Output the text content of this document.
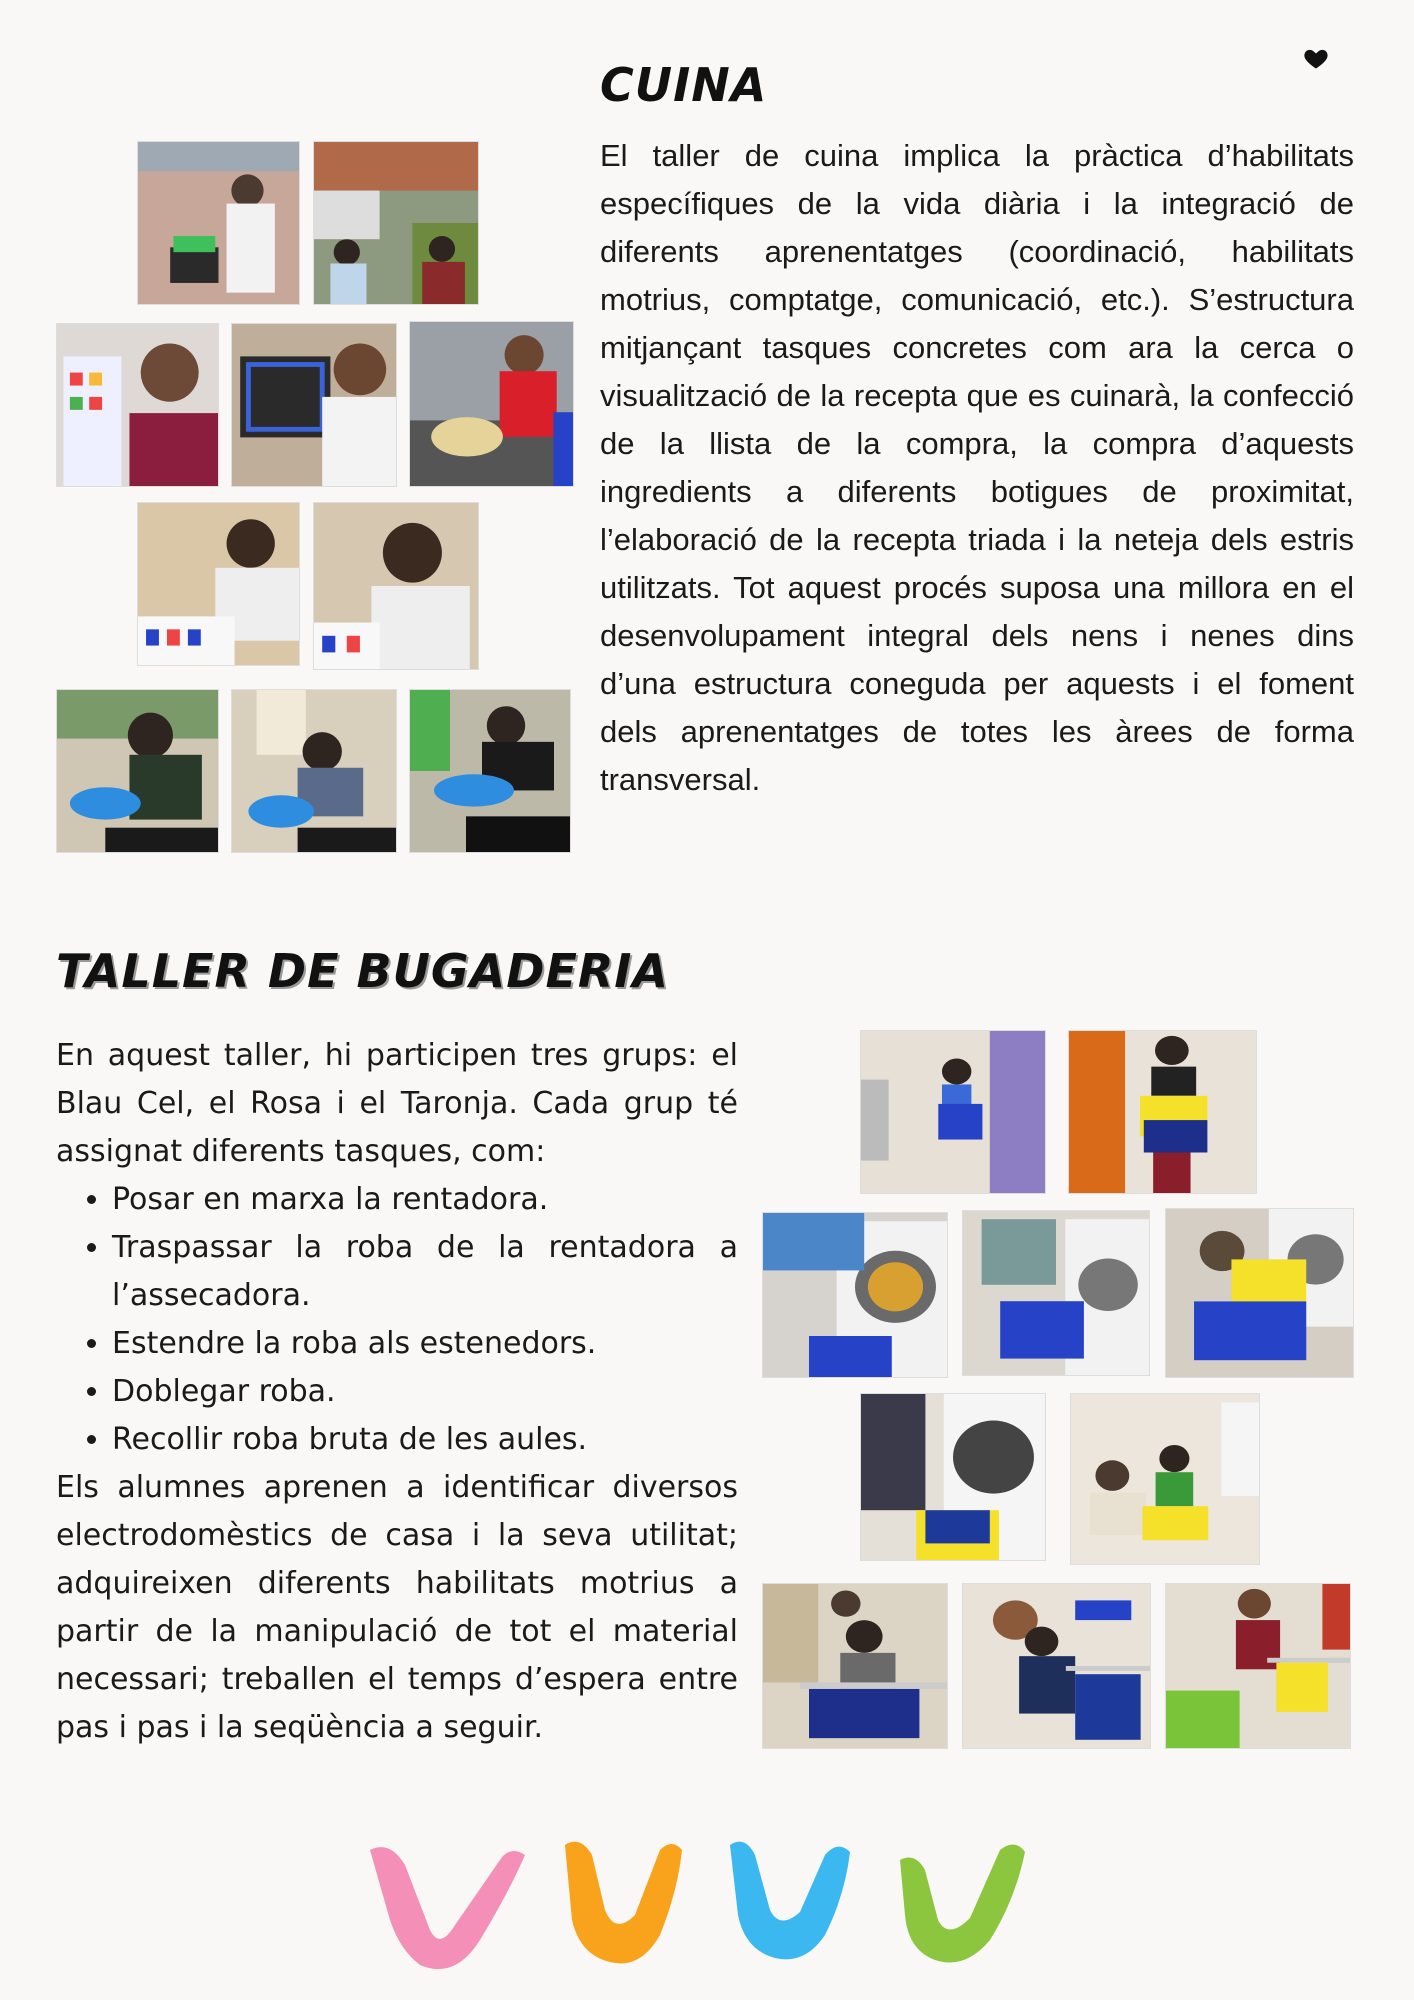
CUINA

El taller de cuina implica la pràctica d’habilitats específiques de la vida diària i la integració de diferents aprenentatges (coordinació, habilitats motrius, comptatge, comunicació, etc.). S’estructura mitjançant tasques concretes com ara la cerca o visualització de la recepta que es cuinarà, la confecció de la llista de la compra, la compra d’aquests ingredients a diferents botigues de proximitat, l’elaboració de la recepta triada i la neteja dels estris utilitzats. Tot aquest procés suposa una millora en el desenvolupament integral dels nens i nenes dins d’una estructura coneguda per aquests i el foment dels aprenentatges de totes les àrees de forma transversal.

TALLER DE BUGADERIA

En aquest taller, hi participen tres grups: el Blau Cel, el Rosa i el Taronja. Cada grup té assignat diferents tasques, com:

• Posar en marxa la rentadora.
• Traspassar la roba de la rentadora a l’assecadora.
• Estendre la roba als estenedors.
• Doblegar roba.
• Recollir roba bruta de les aules.

Els alumnes aprenen a identificar diversos electrodomèstics de casa i la seva utilitat; adquireixen diferents habilitats motrius a partir de la manipulació de tot el material necessari; treballen el temps d’espera entre pas i pas i la seqüència a seguir.
